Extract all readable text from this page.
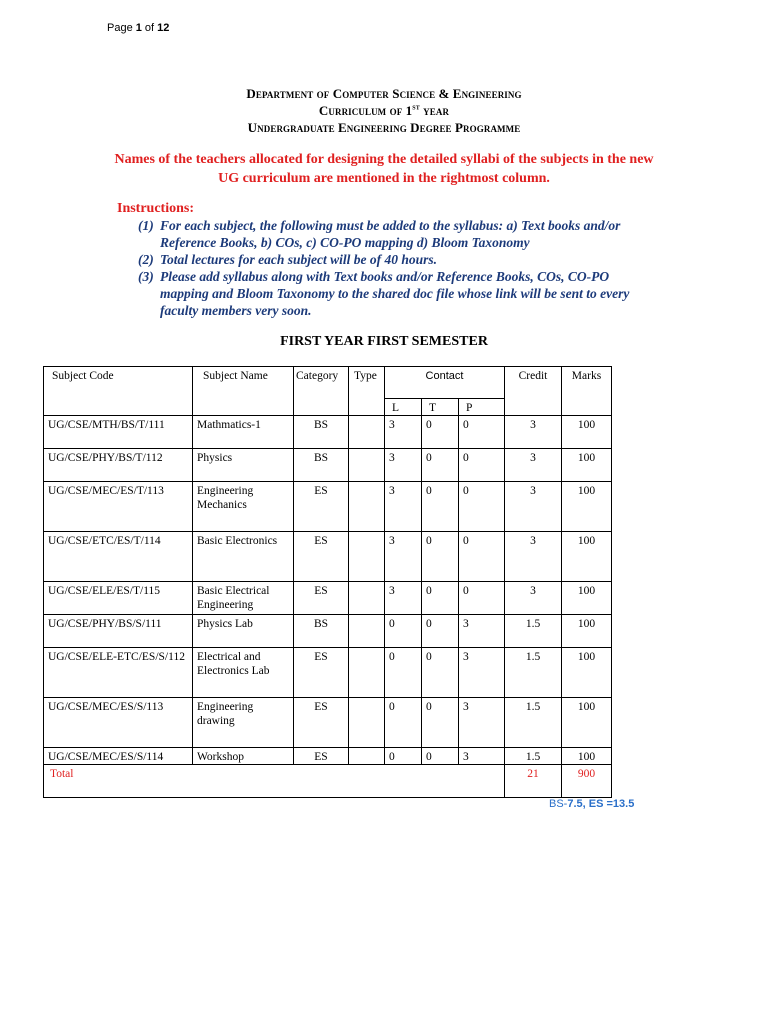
Page 1 of 12
Department of Computer Science & Engineering
Curriculum of 1st year
Undergraduate Engineering Degree Programme
Names of the teachers allocated for designing the detailed syllabi of the subjects in the new UG curriculum are mentioned in the rightmost column.
Instructions:
(1) For each subject, the following must be added to the syllabus: a) Text books and/or Reference Books, b) COs, c) CO-PO mapping d) Bloom Taxonomy
(2) Total lectures for each subject will be of 40 hours.
(3) Please add syllabus along with Text books and/or Reference Books, COs, CO-PO mapping and Bloom Taxonomy to the shared doc file whose link will be sent to every faculty members very soon.
FIRST YEAR FIRST SEMESTER
Subject Code	Subject Name	Category	Type	Contact			Credit	Marks
				L	T	P		
UG/CSE/MTH/BS/T/111	Mathmatics-1	BS		3	0	0	3	100
UG/CSE/PHY/BS/T/112	Physics	BS		3	0	0	3	100
UG/CSE/MEC/ES/T/113	Engineering Mechanics	ES		3	0	0	3	100
UG/CSE/ETC/ES/T/114	Basic Electronics	ES		3	0	0	3	100
UG/CSE/ELE/ES/T/115	Basic Electrical Engineering	ES		3	0	0	3	100
UG/CSE/PHY/BS/S/111	Physics Lab	BS		0	0	3	1.5	100
UG/CSE/ELE-ETC/ES/S/112	Electrical and Electronics Lab	ES		0	0	3	1.5	100
UG/CSE/MEC/ES/S/113	Engineering drawing	ES		0	0	3	1.5	100
UG/CSE/MEC/ES/S/114	Workshop	ES		0	0	3	1.5	100
Total							21	900
BS-7.5, ES =13.5
